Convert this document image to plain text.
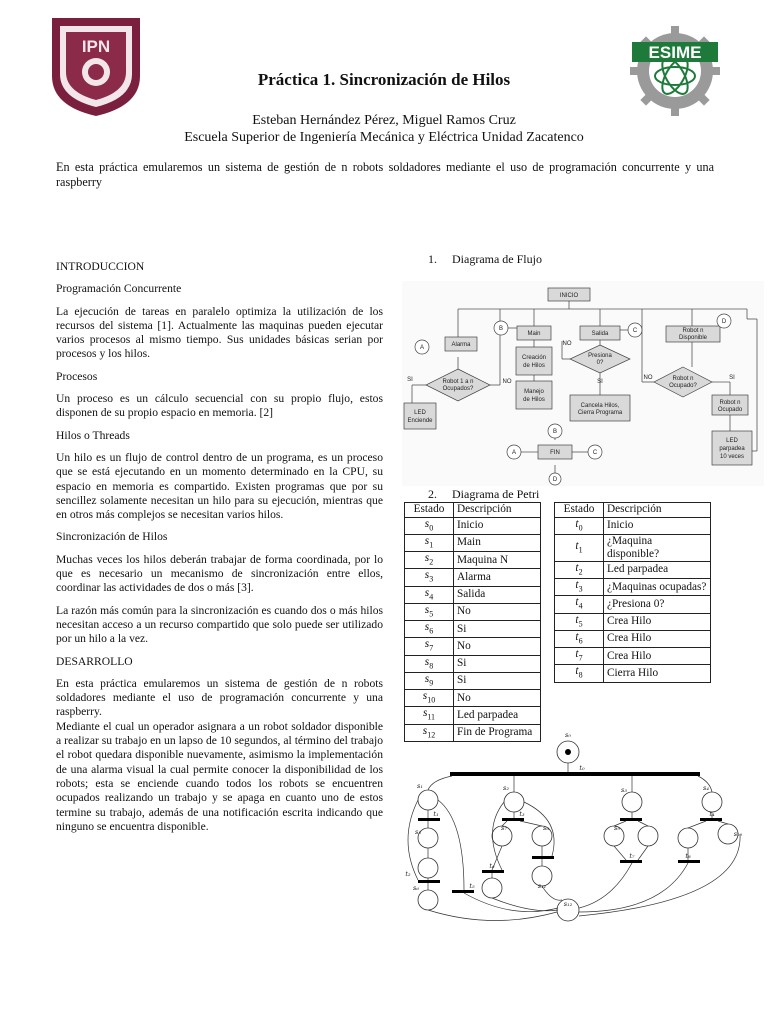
IPN	ESIME
Práctica 1. Sincronización de Hilos
Esteban Hernández Pérez, Miguel Ramos Cruz
Escuela Superior de Ingeniería Mecánica y Eléctrica Unidad Zacatenco
En esta práctica emularemos un sistema de gestión de n robots soldadores mediante el uso de programación concurrente y una raspberry

INTRODUCCION

Programación Concurrente

La ejecución de tareas en paralelo optimiza la utilización de los recursos del sistema [1]. Actualmente las maquinas pueden ejecutar varios procesos al mismo tiempo. Sus unidades básicas serian por procesos y los hilos.

Procesos

Un proceso es un cálculo secuencial con su propio flujo, estos disponen de su propio espacio en memoria. [2]

Hilos o Threads

Un hilo es un flujo de control dentro de un programa, es un proceso que se está ejecutando en un momento determinado en la CPU, su espacio en memoria es compartido. Existen programas que por su sencillez solamente necesitan un hilo para su ejecución, mientras que en otros más complejos se necesitan varios hilos.

Sincronización de Hilos

Muchas veces los hilos deberán trabajar de forma coordinada, por lo que es necesario un mecanismo de sincronización entre ellos, coordinar las actividades de dos o más [3].

La razón más común para la sincronización es cuando dos o más hilos necesitan acceso a un recurso compartido que solo puede ser utilizado por un hilo a la vez.

DESARROLLO

En esta práctica emularemos un sistema de gestión de n robots soldadores mediante el uso de programación concurrente y una raspberry.

Mediante el cual un operador asignara a un robot soldador disponible a realizar su trabajo en un lapso de 10 segundos, al término del trabajo el robot quedara disponible nuevamente, asimismo la implementación de una alarma visual la cual permite conocer la disponibilidad de los robots; esta se enciende cuando todos los robots se encuentren ocupados realizando un trabajo y se apaga en cuanto uno de estos termine su trabajo, además de una notificación escrita indicando que ninguno se encuentra disponible.

1.     Diagrama de Flujo
INICIO
Main	Salida	Robot n
Disponible
Alarma
Creación
de Hilos
Manejo
de Hilos
Presiona
0?
Robot 1 a n
Ocupados?
Robot n
Ocupado?
Cancela Hilos,
Cierra Programa
LED
Enciende
Robot n
Ocupado
LED
parpadea
10 veces
FIN
SI	NO
NO
SI
NO	SI
B	C
A
D
B
A	C
D
2.     Diagrama de Petri
Estado	Descripción
$s_0$	Inicio
$s_1$	Main
$s_2$	Maquina N
$s_3$	Alarma
$s_4$	Salida
$s_5$	No
$s_6$	Si
$s_7$	No
$s_8$	Si
$s_9$	Si
$s_{10}$	No
$s_{11}$	Led parpadea
$s_{12}$	Fin de Programa
Estado	Descripción
$t_0$	Inicio
$t_1$	¿Maquina disponible?
$t_2$	Led parpadea
$t_3$	¿Maquinas ocupadas?
$t_4$	¿Presiona 0?
$t_5$	Crea Hilo
$t_6$	Crea Hilo
$t_7$	Crea Hilo
$t_8$	Cierra Hilo
s₀
t₀
s₁	s₂	s₃	s₄
s₅
s₆
s₇	s₈	s₉
s₁₀
s₁₁
s₁₂
t₁
t₂
t₃	t₄
t₅
t₆
t₇	t₈
